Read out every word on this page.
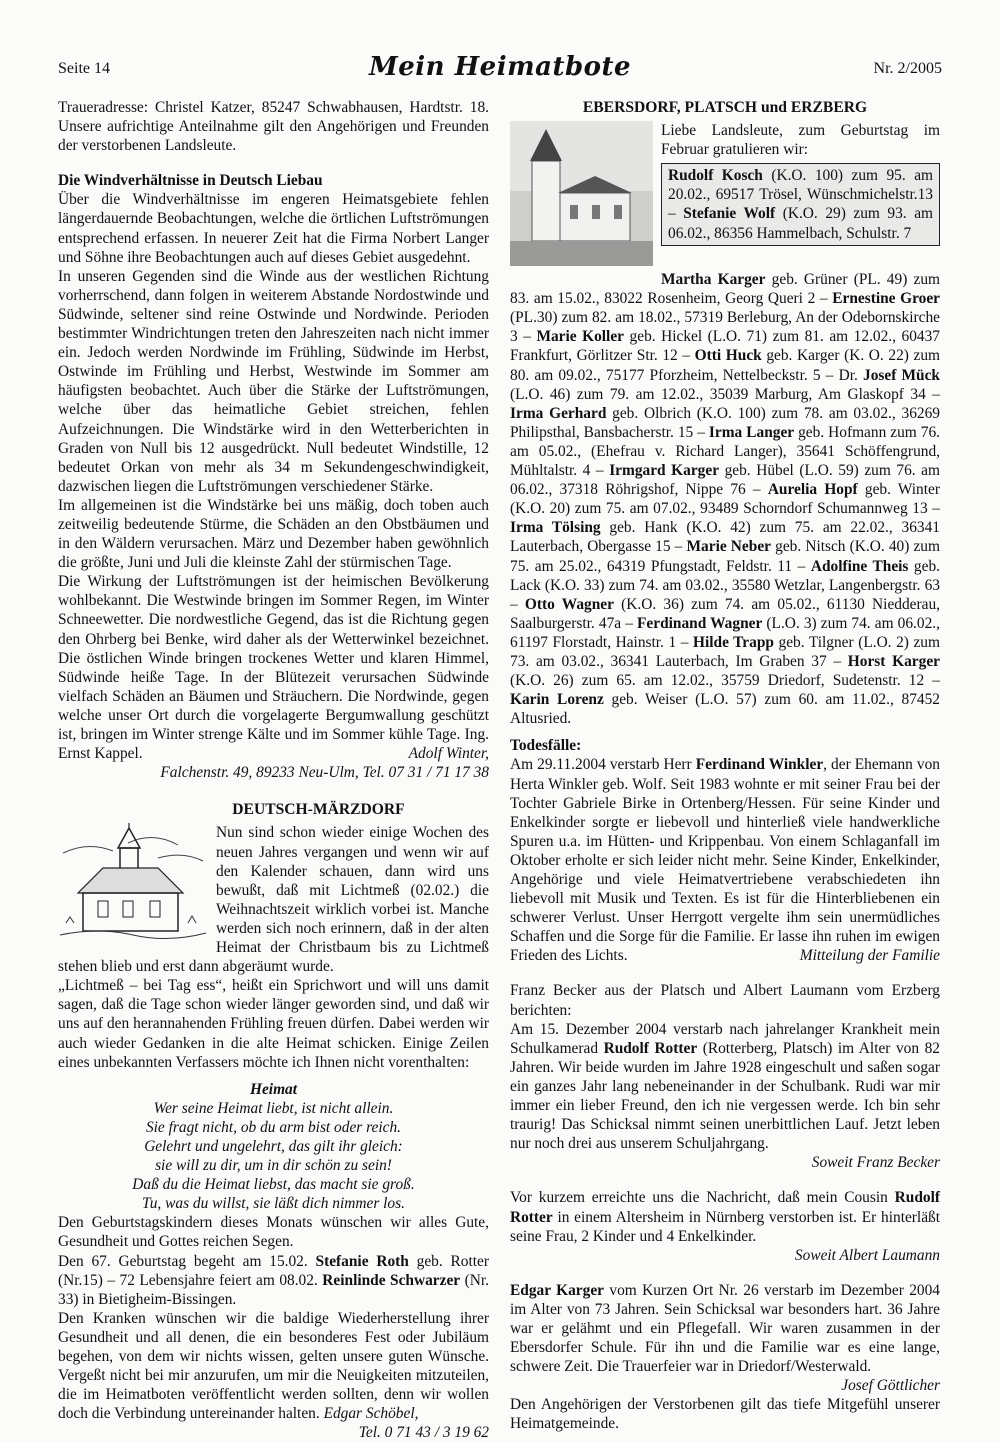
Seite 14	Mein Heimatbote	Nr. 2/2005

Traueradresse: Christel Katzer, 85247 Schwabhausen, Hardtstr. 18. Unsere aufrichtige Anteilnahme gilt den Angehörigen und Freunden der verstorbenen Landsleute.

Die Windverhältnisse in Deutsch Liebau

Über die Windverhältnisse im engeren Heimatsgebiete fehlen längerdauernde Beobachtungen, welche die örtlichen Luftströmungen entsprechend erfassen. In neuerer Zeit hat die Firma Norbert Langer und Söhne ihre Beobachtungen auch auf dieses Gebiet ausgedehnt.

In unseren Gegenden sind die Winde aus der westlichen Richtung vorherrschend, dann folgen in weiterem Abstande Nordostwinde und Südwinde, seltener sind reine Ostwinde und Nordwinde. Perioden bestimmter Windrichtungen treten den Jahreszeiten nach nicht immer ein. Jedoch werden Nordwinde im Frühling, Südwinde im Herbst, Ostwinde im Frühling und Herbst, Westwinde im Sommer am häufigsten beobachtet. Auch über die Stärke der Luftströmungen, welche über das heimatliche Gebiet streichen, fehlen Aufzeichnungen. Die Windstärke wird in den Wetterberichten in Graden von Null bis 12 ausgedrückt. Null bedeutet Windstille, 12 bedeutet Orkan von mehr als 34 m Sekundengeschwindigkeit, dazwischen liegen die Luftströmungen verschiedener Stärke.

Im allgemeinen ist die Windstärke bei uns mäßig, doch toben auch zeitweilig bedeutende Stürme, die Schäden an den Obstbäumen und in den Wäldern verursachen. März und Dezember haben gewöhnlich die größte, Juni und Juli die kleinste Zahl der stürmischen Tage.

Die Wirkung der Luftströmungen ist der heimischen Bevölkerung wohlbekannt. Die Westwinde bringen im Sommer Regen, im Winter Schneewetter. Die nordwestliche Gegend, das ist die Richtung gegen den Ohrberg bei Benke, wird daher als der Wetterwinkel bezeichnet. Die östlichen Winde bringen trockenes Wetter und klaren Himmel, Südwinde heiße Tage. In der Blütezeit verursachen Südwinde vielfach Schäden an Bäumen und Sträuchern. Die Nordwinde, gegen welche unser Ort durch die vorgelagerte Bergumwallung geschützt ist, bringen im Winter strenge Kälte und im Sommer kühle Tage. Ing. Ernst Kappel.	Adolf Winter,

Falchenstr. 49, 89233 Neu-Ulm, Tel. 07 31 / 71 17 38

DEUTSCH-MÄRZDORF

Nun sind schon wieder einige Wochen des neuen Jahres vergangen und wenn wir auf den Kalender schauen, dann wird uns bewußt, daß mit Lichtmeß (02.02.) die Weihnachtszeit wirklich vorbei ist. Manche werden sich noch erinnern, daß in der alten Heimat der Christbaum bis zu Lichtmeß stehen blieb und erst dann abgeräumt wurde.

„Lichtmeß – bei Tag ess“, heißt ein Sprichwort und will uns damit sagen, daß die Tage schon wieder länger geworden sind, und daß wir uns auf den herannahenden Frühling freuen dürfen. Dabei werden wir auch wieder Gedanken in die alte Heimat schicken. Einige Zeilen eines unbekannten Verfassers möchte ich Ihnen nicht vorenthalten:

Heimat

Wer seine Heimat liebt, ist nicht allein.

Sie fragt nicht, ob du arm bist oder reich.

Gelehrt und ungelehrt, das gilt ihr gleich:

sie will zu dir, um in dir schön zu sein!

Daß du die Heimat liebst, das macht sie groß.

Tu, was du willst, sie läßt dich nimmer los.

Den Geburtstagskindern dieses Monats wünschen wir alles Gute, Gesundheit und Gottes reichen Segen.

Den 67. Geburtstag begeht am 15.02. Stefanie Roth geb. Rotter (Nr.15) – 72 Lebensjahre feiert am 08.02. Reinlinde Schwarzer (Nr. 33) in Bietigheim-Bissingen.

Den Kranken wünschen wir die baldige Wiederherstellung ihrer Gesundheit und all denen, die ein besonderes Fest oder Jubiläum begehen, von dem wir nichts wissen, gelten unsere guten Wünsche. Vergeßt nicht bei mir anzurufen, um mir die Neuigkeiten mitzuteilen, die im Heimatboten veröffentlicht werden sollten, denn wir wollen doch die Verbindung untereinander halten. Edgar Schöbel,

Tel. 0 71 43 / 3 19 62

EBERSDORF, PLATSCH und ERZBERG

Liebe Landsleute, zum Geburtstag im Februar gratulieren wir:

Rudolf Kosch (K.O. 100) zum 95. am 20.02., 69517 Trösel, Wünschmichelstr.13 – Stefanie Wolf (K.O. 29) zum 93. am 06.02., 86356 Hammelbach, Schulstr. 7

Martha Karger geb. Grüner (PL. 49) zum 83. am 15.02., 83022 Rosenheim, Georg Queri 2 – Ernestine Groer (PL.30) zum 82. am 18.02., 57319 Berleburg, An der Odebornskirche 3 – Marie Koller geb. Hickel (L.O. 71) zum 81. am 12.02., 60437 Frankfurt, Görlitzer Str. 12 – Otti Huck geb. Karger (K. O. 22) zum 80. am 09.02., 75177 Pforzheim, Nettelbeckstr. 5 – Dr. Josef Mück (L.O. 46) zum 79. am 12.02., 35039 Marburg, Am Glaskopf 34 – Irma Gerhard geb. Olbrich (K.O. 100) zum 78. am 03.02., 36269 Philipsthal, Bansbacherstr. 15 – Irma Langer geb. Hofmann zum 76. am 05.02., (Ehefrau v. Richard Langer), 35641 Schöffengrund, Mühltalstr. 4 – Irmgard Karger geb. Hübel (L.O. 59) zum 76. am 06.02., 37318 Röhrigshof, Nippe 76 – Aurelia Hopf geb. Winter (K.O. 20) zum 75. am 07.02., 93489 Schorndorf Schumannweg 13 – Irma Tölsing geb. Hank (K.O. 42) zum 75. am 22.02., 36341 Lauterbach, Obergasse 15 – Marie Neber geb. Nitsch (K.O. 40) zum 75. am 25.02., 64319 Pfungstadt, Feldstr. 11 – Adolfine Theis geb. Lack (K.O. 33) zum 74. am 03.02., 35580 Wetzlar, Langenbergstr. 63 – Otto Wagner (K.O. 36) zum 74. am 05.02., 61130 Niedderau, Saalburgerstr. 47a – Ferdinand Wagner (L.O. 3) zum 74. am 06.02., 61197 Florstadt, Hainstr. 1 – Hilde Trapp geb. Tilgner (L.O. 2) zum 73. am 03.02., 36341 Lauterbach, Im Graben 37 – Horst Karger (K.O. 26) zum 65. am 12.02., 35759 Driedorf, Sudetenstr. 12 – Karin Lorenz geb. Weiser (L.O. 57) zum 60. am 11.02., 87452 Altusried.

Todesfälle:

Am 29.11.2004 verstarb Herr Ferdinand Winkler, der Ehemann von Herta Winkler geb. Wolf. Seit 1983 wohnte er mit seiner Frau bei der Tochter Gabriele Birke in Ortenberg/Hessen. Für seine Kinder und Enkelkinder sorgte er liebevoll und hinterließ viele handwerkliche Spuren u.a. im Hütten- und Krippenbau. Von einem Schlaganfall im Oktober erholte er sich leider nicht mehr. Seine Kinder, Enkelkinder, Angehörige und viele Heimatvertriebene verabschiedeten ihn liebevoll mit Musik und Texten. Es ist für die Hinterbliebenen ein schwerer Verlust. Unser Herrgott vergelte ihm sein unermüdliches Schaffen und die Sorge für die Familie. Er lasse ihn ruhen im ewigen Frieden des Lichts.	Mitteilung der Familie

Franz Becker aus der Platsch und Albert Laumann vom Erzberg berichten:

Am 15. Dezember 2004 verstarb nach jahrelanger Krankheit mein Schulkamerad Rudolf Rotter (Rotterberg, Platsch) im Alter von 82 Jahren. Wir beide wurden im Jahre 1928 eingeschult und saßen sogar ein ganzes Jahr lang nebeneinander in der Schulbank. Rudi war mir immer ein lieber Freund, den ich nie vergessen werde. Ich bin sehr traurig! Das Schicksal nimmt seinen unerbittlichen Lauf. Jetzt leben nur noch drei aus unserem Schuljahrgang.

Soweit Franz Becker

Vor kurzem erreichte uns die Nachricht, daß mein Cousin Rudolf Rotter in einem Altersheim in Nürnberg verstorben ist. Er hinterläßt seine Frau, 2 Kinder und 4 Enkelkinder.

Soweit Albert Laumann

Edgar Karger vom Kurzen Ort Nr. 26 verstarb im Dezember 2004 im Alter von 73 Jahren. Sein Schicksal war besonders hart. 36 Jahre war er gelähmt und ein Pflegefall. Wir waren zusammen in der Ebersdorfer Schule. Für ihn und die Familie war es eine lange, schwere Zeit. Die Trauerfeier war in Driedorf/Westerwald.

Josef Göttlicher

Den Angehörigen der Verstorbenen gilt das tiefe Mitgefühl unserer Heimatgemeinde.
